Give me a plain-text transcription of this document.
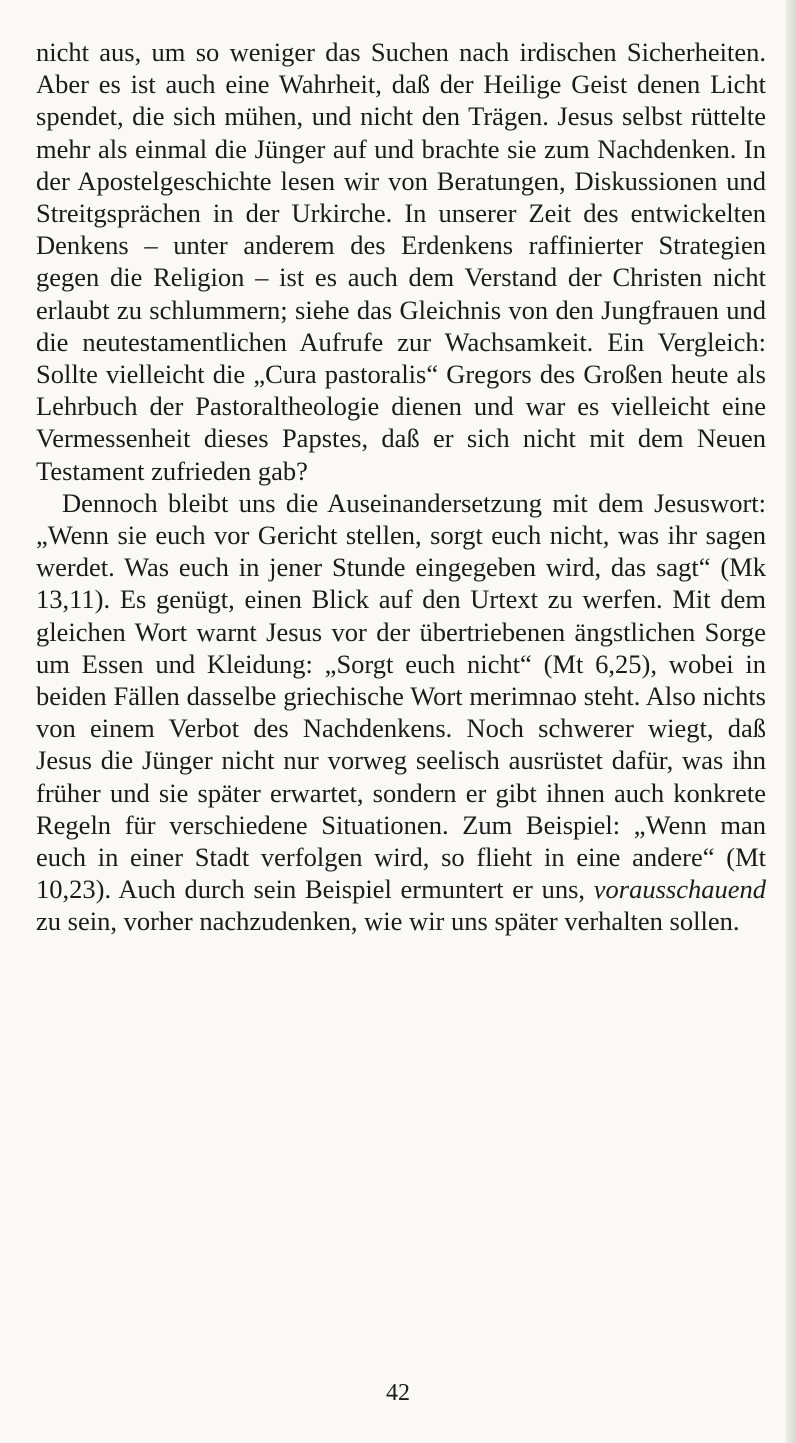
nicht aus, um so weniger das Suchen nach irdischen Sicherheiten. Aber es ist auch eine Wahrheit, daß der Heilige Geist denen Licht spendet, die sich mühen, und nicht den Trägen. Jesus selbst rüttelte mehr als einmal die Jünger auf und brachte sie zum Nachdenken. In der Apostelgeschichte lesen wir von Beratungen, Diskussionen und Streitgsprächen in der Urkirche. In unserer Zeit des entwickelten Denkens – unter anderem des Erdenkens raffinierter Strategien gegen die Religion – ist es auch dem Verstand der Christen nicht erlaubt zu schlummern; siehe das Gleichnis von den Jungfrauen und die neutestamentlichen Aufrufe zur Wachsamkeit. Ein Vergleich: Sollte vielleicht die „Cura pastoralis“ Gregors des Großen heute als Lehrbuch der Pastoraltheologie dienen und war es vielleicht eine Vermessenheit dieses Papstes, daß er sich nicht mit dem Neuen Testament zufrieden gab?

Dennoch bleibt uns die Auseinandersetzung mit dem Jesuswort: „Wenn sie euch vor Gericht stellen, sorgt euch nicht, was ihr sagen werdet. Was euch in jener Stunde eingegeben wird, das sagt“ (Mk 13,11). Es genügt, einen Blick auf den Urtext zu werfen. Mit dem gleichen Wort warnt Jesus vor der übertriebenen ängstlichen Sorge um Essen und Kleidung: „Sorgt euch nicht“ (Mt 6,25), wobei in beiden Fällen dasselbe griechische Wort merimnao steht. Also nichts von einem Verbot des Nachdenkens. Noch schwerer wiegt, daß Jesus die Jünger nicht nur vorweg seelisch ausrüstet dafür, was ihn früher und sie später erwartet, sondern er gibt ihnen auch konkrete Regeln für verschiedene Situationen. Zum Beispiel: „Wenn man euch in einer Stadt verfolgen wird, so flieht in eine andere“ (Mt 10,23). Auch durch sein Beispiel ermuntert er uns, vorausschauend zu sein, vorher nachzudenken, wie wir uns später verhalten sollen.

42
